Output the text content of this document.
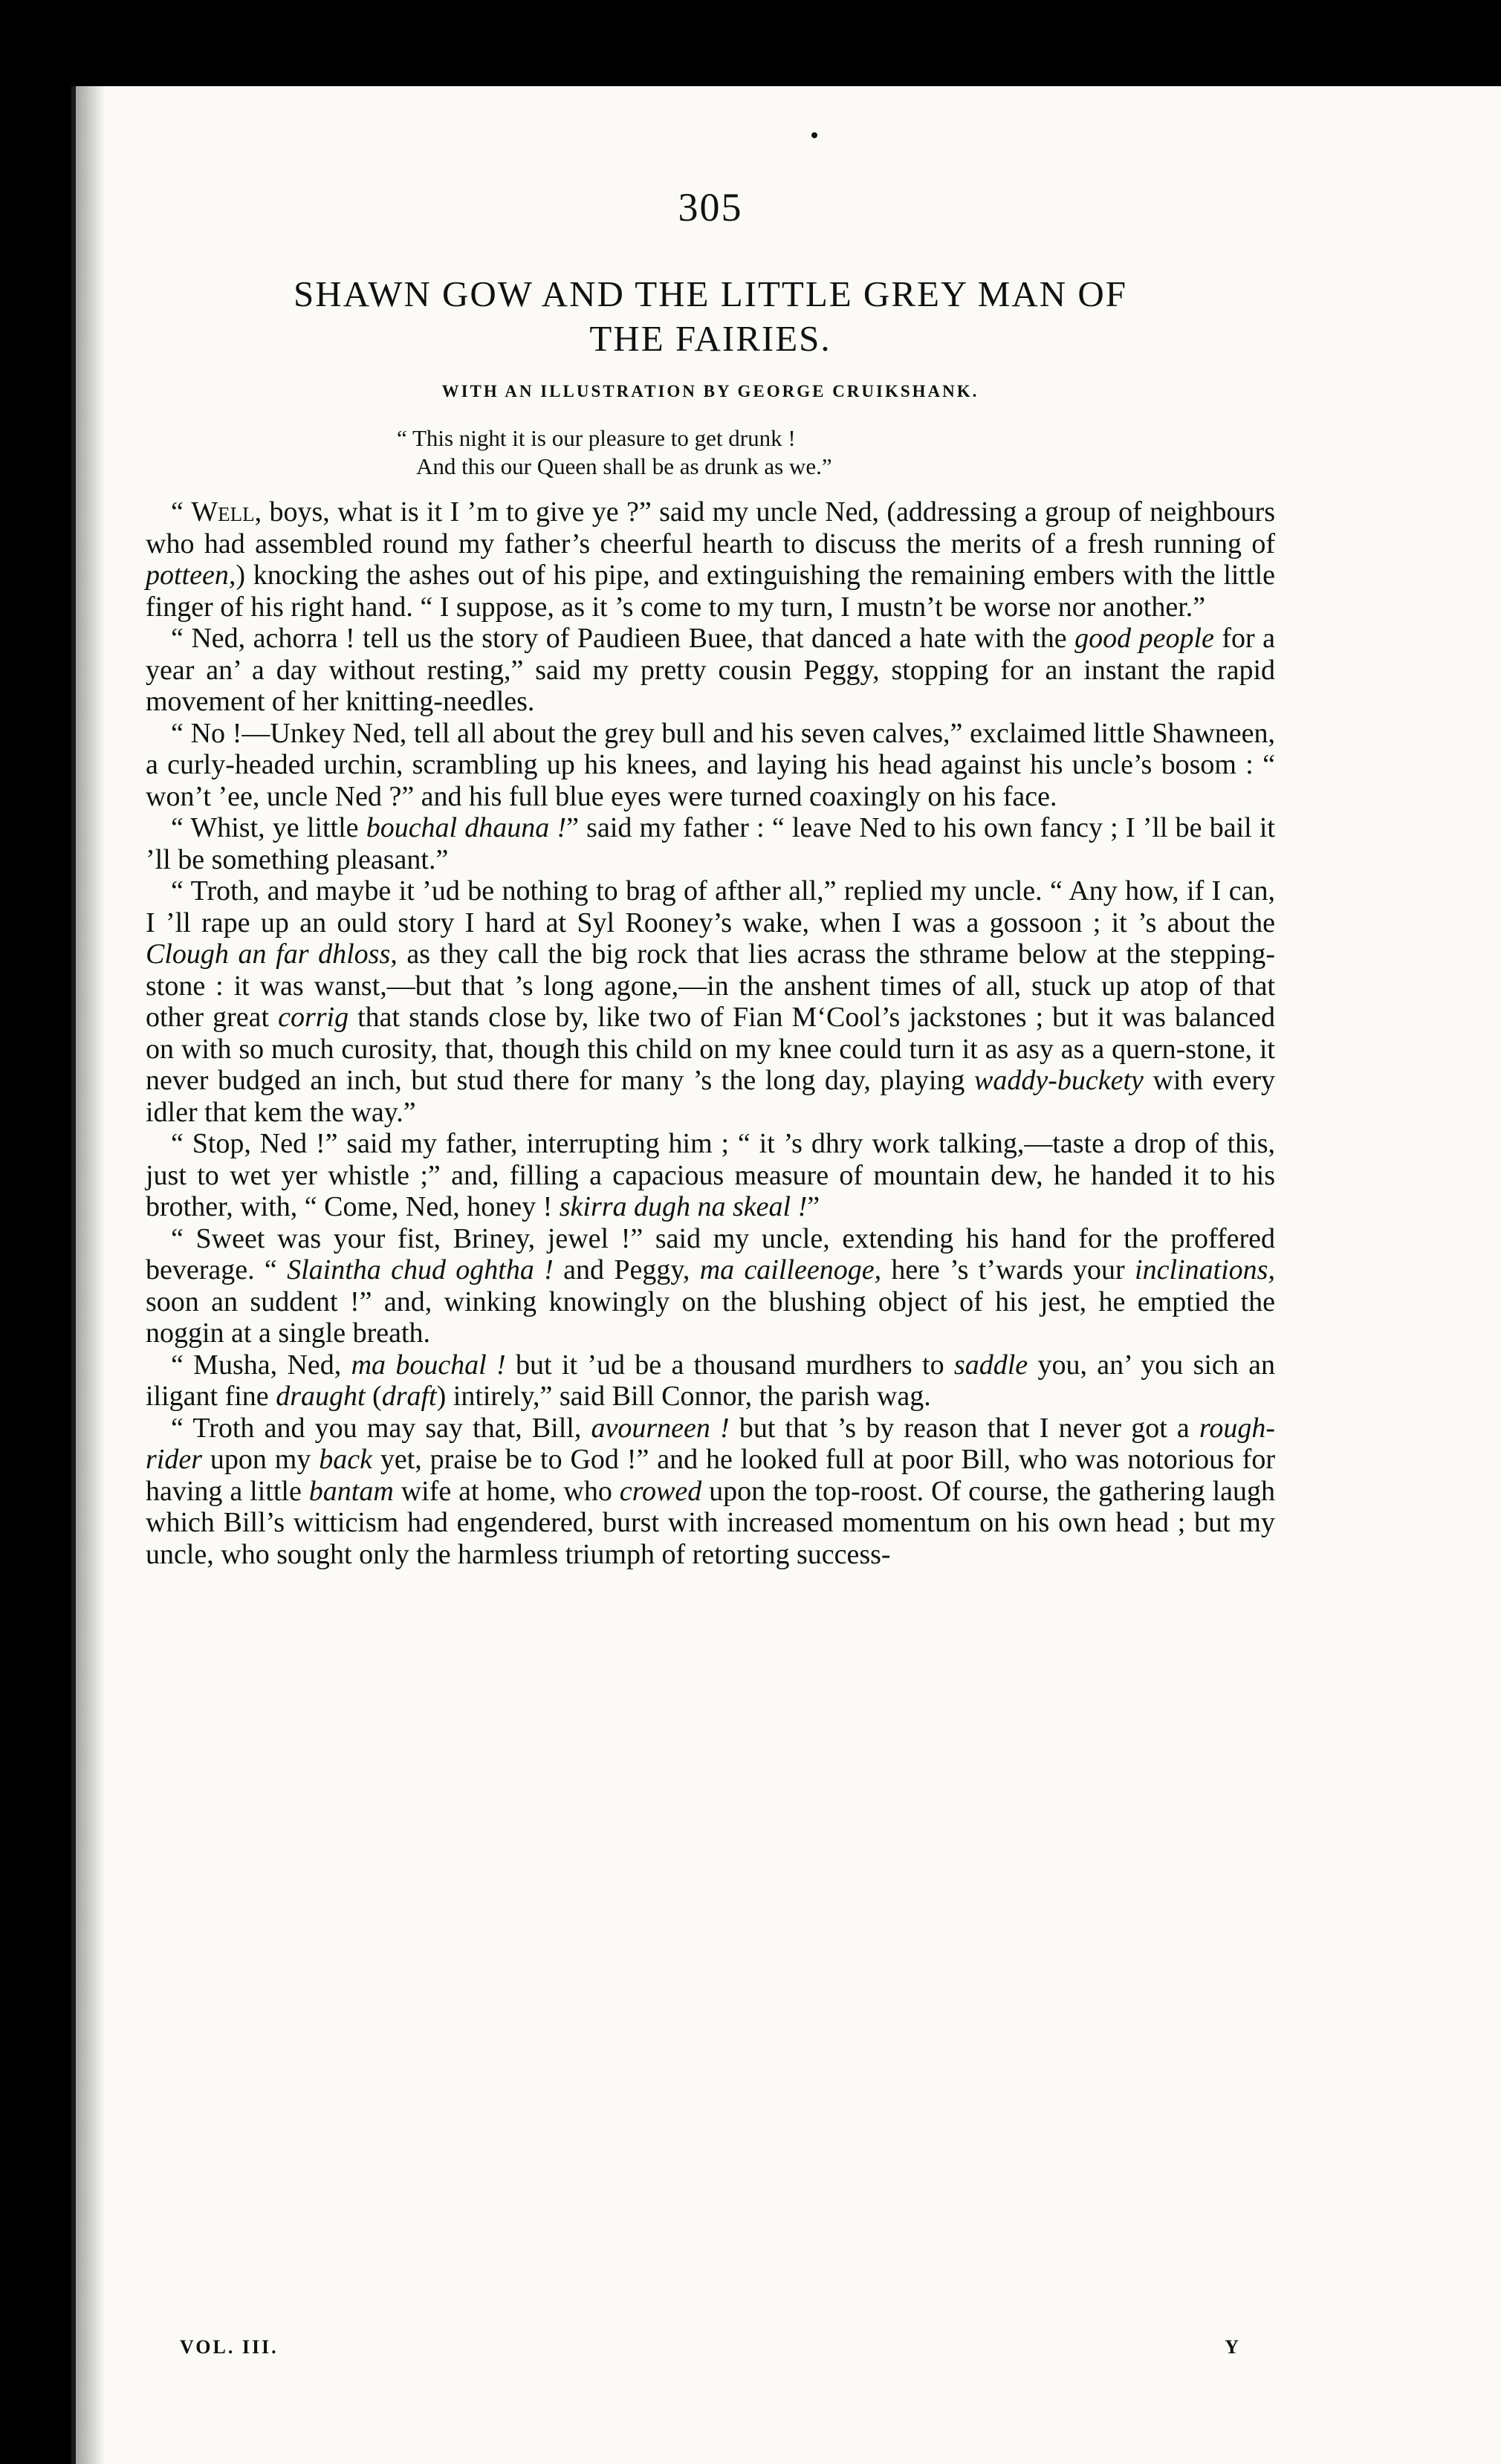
305
SHAWN GOW AND THE LITTLE GREY MAN OF
THE FAIRIES.
WITH AN ILLUSTRATION BY GEORGE CRUIKSHANK.
“ This night it is our pleasure to get drunk !
And this our Queen shall be as drunk as we.”

“ Well, boys, what is it I ’m to give ye ?” said my uncle Ned, (addressing a group of neighbours who had assembled round my father’s cheerful hearth to discuss the merits of a fresh running of potteen,) knocking the ashes out of his pipe, and extinguishing the remaining embers with the little finger of his right hand. “ I suppose, as it ’s come to my turn, I mustn’t be worse nor another.”

“ Ned, achorra ! tell us the story of Paudieen Buee, that danced a hate with the good people for a year an’ a day without resting,” said my pretty cousin Peggy, stopping for an instant the rapid movement of her knitting-needles.

“ No !—Unkey Ned, tell all about the grey bull and his seven calves,” exclaimed little Shawneen, a curly-headed urchin, scrambling up his knees, and laying his head against his uncle’s bosom : “ won’t ’ee, uncle Ned ?” and his full blue eyes were turned coaxingly on his face.

“ Whist, ye little bouchal dhauna !” said my father : “ leave Ned to his own fancy ; I ’ll be bail it ’ll be something pleasant.”

“ Troth, and maybe it ’ud be nothing to brag of afther all,” replied my uncle. “ Any how, if I can, I ’ll rape up an ould story I hard at Syl Rooney’s wake, when I was a gossoon ; it ’s about the Clough an far dhloss, as they call the big rock that lies acrass the sthrame below at the stepping-stone : it was wanst,—but that ’s long agone,—in the anshent times of all, stuck up atop of that other great corrig that stands close by, like two of Fian M‘Cool’s jackstones ; but it was balanced on with so much curosity, that, though this child on my knee could turn it as asy as a quern-stone, it never budged an inch, but stud there for many ’s the long day, playing waddy-buckety with every idler that kem the way.”

“ Stop, Ned !” said my father, interrupting him ; “ it ’s dhry work talking,—taste a drop of this, just to wet yer whistle ;” and, filling a capacious measure of mountain dew, he handed it to his brother, with, “ Come, Ned, honey ! skirra dugh na skeal !”

“ Sweet was your fist, Briney, jewel !” said my uncle, extending his hand for the proffered beverage. “ Slaintha chud oghtha ! and Peggy, ma cailleenoge, here ’s t’wards your inclinations, soon an suddent !” and, winking knowingly on the blushing object of his jest, he emptied the noggin at a single breath.

“ Musha, Ned, ma bouchal ! but it ’ud be a thousand murdhers to saddle you, an’ you sich an iligant fine draught (draft) intirely,” said Bill Connor, the parish wag.

“ Troth and you may say that, Bill, avourneen ! but that ’s by reason that I never got a rough-rider upon my back yet, praise be to God !” and he looked full at poor Bill, who was notorious for having a little bantam wife at home, who crowed upon the top-roost. Of course, the gathering laugh which Bill’s witticism had engendered, burst with increased momentum on his own head ; but my uncle, who sought only the harmless triumph of retorting success-

VOL. III.	Y
